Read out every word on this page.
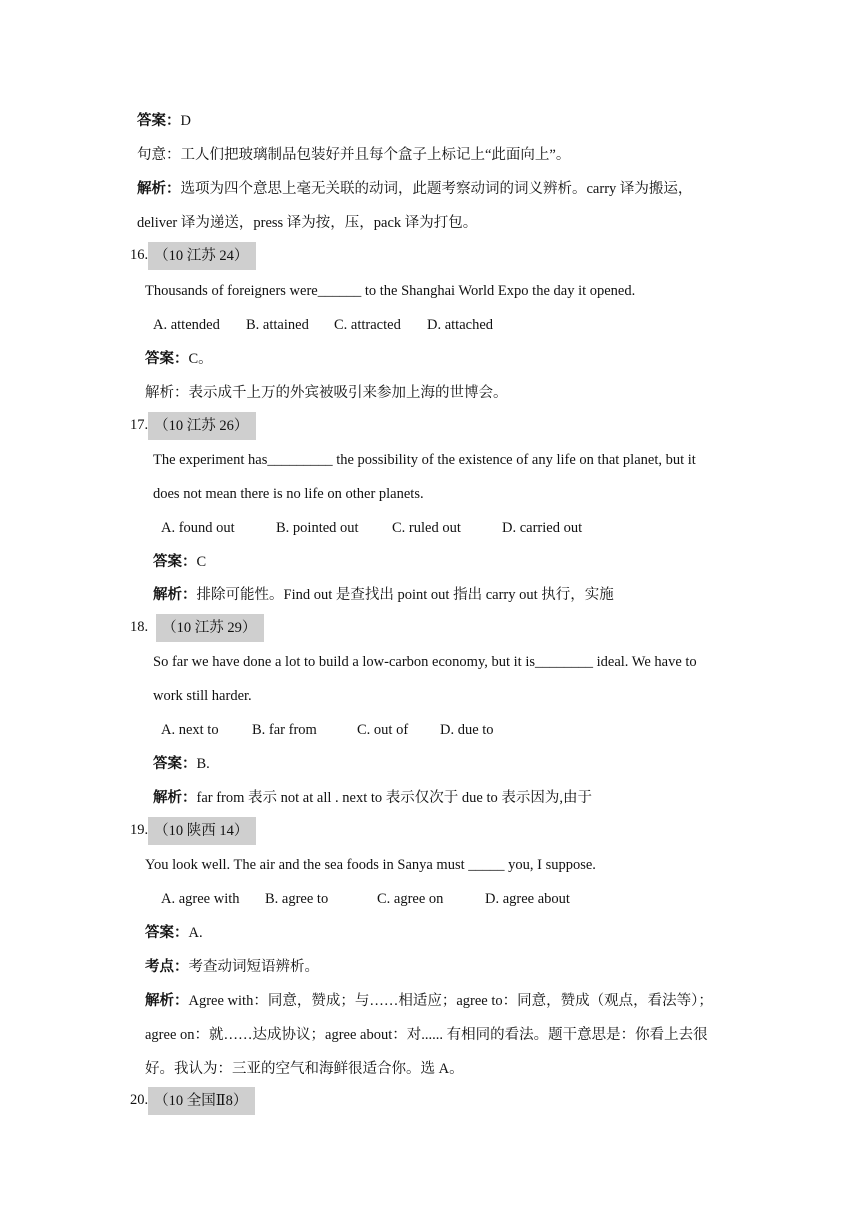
答案：D
句意：工人们把玻璃制品包装好并且每个盒子上标记上“此面向上”。
解析：选项为四个意思上毫无关联的动词，此题考察动词的词义辨析。carry 译为搬运，
deliver 译为递送，press 译为按，压，pack 译为打包。
16. （10 江苏 24）
Thousands of foreigners were______ to the Shanghai World Expo the day it opened.
A. attended B. attained C. attracted D. attached
答案：C。
解析：表示成千上万的外宾被吸引来参加上海的世博会。
17. （10 江苏 26）
The experiment has_________ the possibility of the existence of any life on that planet, but it
does not mean there is no life on other planets.
A. found out	B. pointed out C. ruled out	D. carried out
答案：C
解析：排除可能性。Find out 是查找出 point out 指出 carry out 执行，实施
18. （10 江苏 29）
So far we have done a lot to build a low-carbon economy, but it is________ ideal. We have to
work still harder.
A. next to B. far from	C. out of D. due to
答案：B.
解析：far from 表示 not at all . next to 表示仅次于 due to 表示因为,由于
19. （10 陕西 14）
You look well. The air and the sea foods in Sanya must _____ you, I suppose.
A. agree with B. agree to	C. agree on	D. agree about
答案：A.
考点：考查动词短语辨析。
解析：Agree with：同意，赞成；与……相适应；agree to：同意，赞成（观点，看法等）；
agree on：就……达成协议；agree about：对...... 有相同的看法。题干意思是：你看上去很
好。我认为：三亚的空气和海鲜很适合你。选 A。
20. （10 全国Ⅱ8）
